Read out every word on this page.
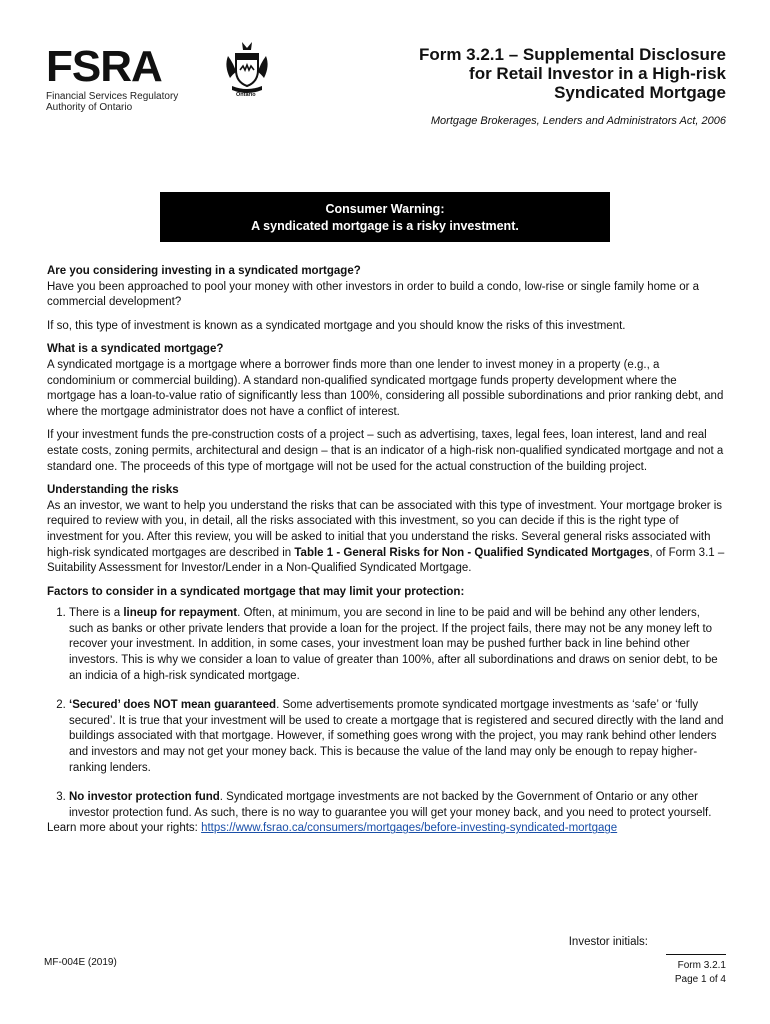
FSRA
Financial Services Regulatory
Authority of Ontario
Ontario
Form 3.2.1 – Supplemental Disclosure
for Retail Investor in a High-risk
Syndicated Mortgage
Mortgage Brokerages, Lenders and Administrators Act, 2006
Consumer Warning:
A syndicated mortgage is a risky investment.
Are you considering investing in a syndicated mortgage?

Have you been approached to pool your money with other investors in order to build a condo, low-rise or single family home or a commercial development?

If so, this type of investment is known as a syndicated mortgage and you should know the risks of this investment.

What is a syndicated mortgage?

A syndicated mortgage is a mortgage where a borrower finds more than one lender to invest money in a property (e.g., a condominium or commercial building). A standard non-qualified syndicated mortgage funds property development where the mortgage has a loan-to-value ratio of significantly less than 100%, considering all possible subordinations and prior ranking debt, and where the mortgage administrator does not have a conflict of interest.

If your investment funds the pre-construction costs of a project – such as advertising, taxes, legal fees, loan interest, land and real estate costs, zoning permits, architectural and design – that is an indicator of a high-risk non-qualified syndicated mortgage and not a standard one. The proceeds of this type of mortgage will not be used for the actual construction of the building project.

Understanding the risks

As an investor, we want to help you understand the risks that can be associated with this type of investment. Your mortgage broker is required to review with you, in detail, all the risks associated with this investment, so you can decide if this is the right type of investment for you. After this review, you will be asked to initial that you understand the risks. Several general risks associated with high-risk syndicated mortgages are described in Table 1 - General Risks for Non - Qualified Syndicated Mortgages, of Form 3.1 – Suitability Assessment for Investor/Lender in a Non-Qualified Syndicated Mortgage.

Factors to consider in a syndicated mortgage that may limit your protection:
1. There is a lineup for repayment. Often, at minimum, you are second in line to be paid and will be behind any other lenders, such as banks or other private lenders that provide a loan for the project. If the project fails, there may not be any money left to recover your investment. In addition, in some cases, your investment loan may be pushed further back in line behind other investors. This is why we consider a loan to value of greater than 100%, after all subordinations and draws on senior debt, to be an indicia of a high-risk syndicated mortgage.
2. ‘Secured’ does NOT mean guaranteed. Some advertisements promote syndicated mortgage investments as ‘safe’ or ‘fully secured’. It is true that your investment will be used to create a mortgage that is registered and secured directly with the land and buildings associated with that mortgage. However, if something goes wrong with the project, you may rank behind other lenders and investors and may not get your money back. This is because the value of the land may only be enough to repay higher-ranking lenders.
3. No investor protection fund. Syndicated mortgage investments are not backed by the Government of Ontario or any other investor protection fund. As such, there is no way to guarantee you will get your money back, and you need to protect yourself.

Learn more about your rights: https://www.fsrao.ca/consumers/mortgages/before-investing-syndicated-mortgage

Investor initials:
MF-004E (2019)	Form 3.2.1
Page 1 of 4
